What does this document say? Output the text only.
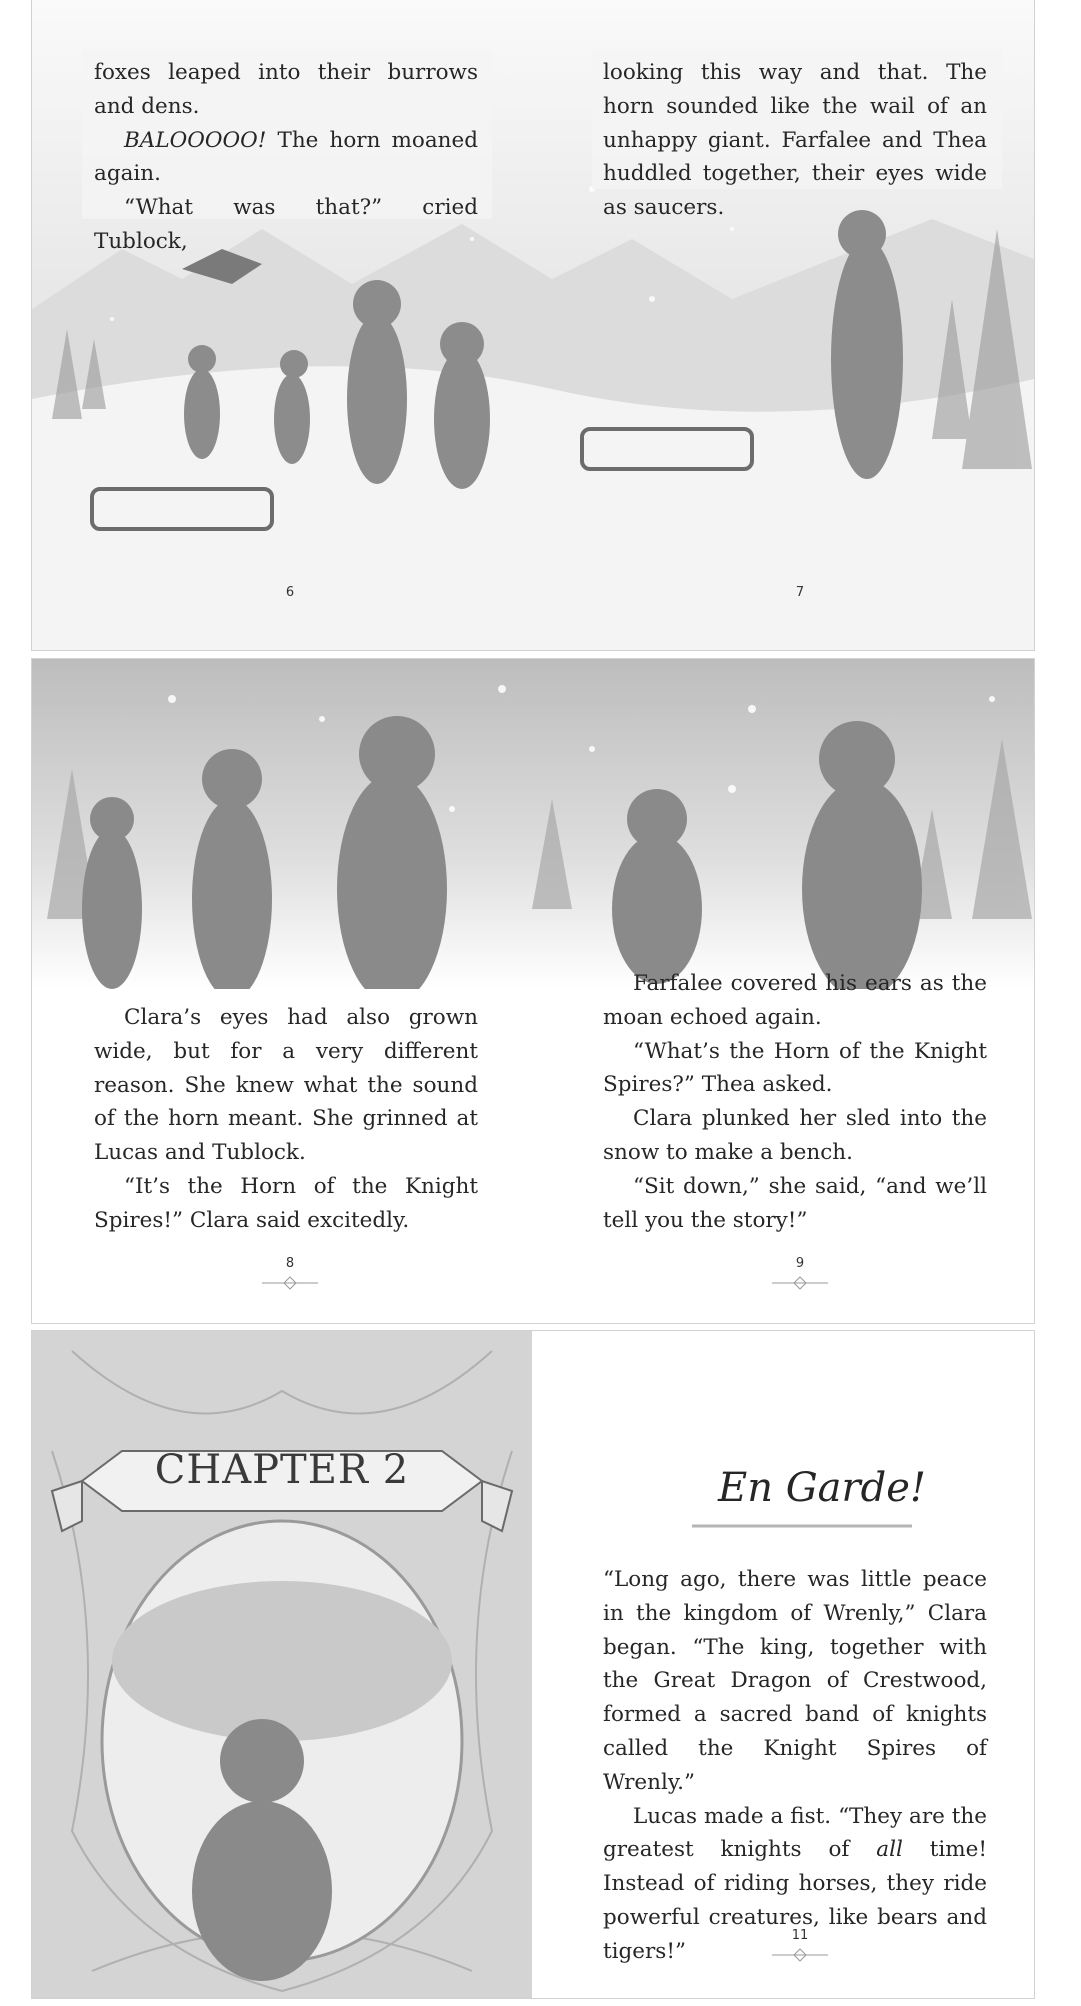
foxes leaped into their burrows and dens.

BALOOOOO! The horn moaned again.

“What was that?” cried Tublock,

looking this way and that. The horn sounded like the wail of an unhappy giant. Farfalee and Thea huddled together, their eyes wide as saucers.

6	7

Clara’s eyes had also grown wide, but for a very different reason. She knew what the sound of the horn meant. She grinned at Lucas and Tublock.

“It’s the Horn of the Knight Spires!” Clara said excitedly.

Farfalee covered his ears as the moan echoed again.

“What’s the Horn of the Knight Spires?” Thea asked.

Clara plunked her sled into the snow to make a bench.

“Sit down,” she said, “and we’ll tell you the story!”

8	9
CHAPTER 2	En Garde!

“Long ago, there was little peace in the kingdom of Wrenly,” Clara began. “The king, together with the Great Dragon of Crestwood, formed a sacred band of knights called the Knight Spires of Wrenly.”

Lucas made a fist. “They are the greatest knights of all time! Instead of riding horses, they ride powerful creatures, like bears and tigers!”

11
